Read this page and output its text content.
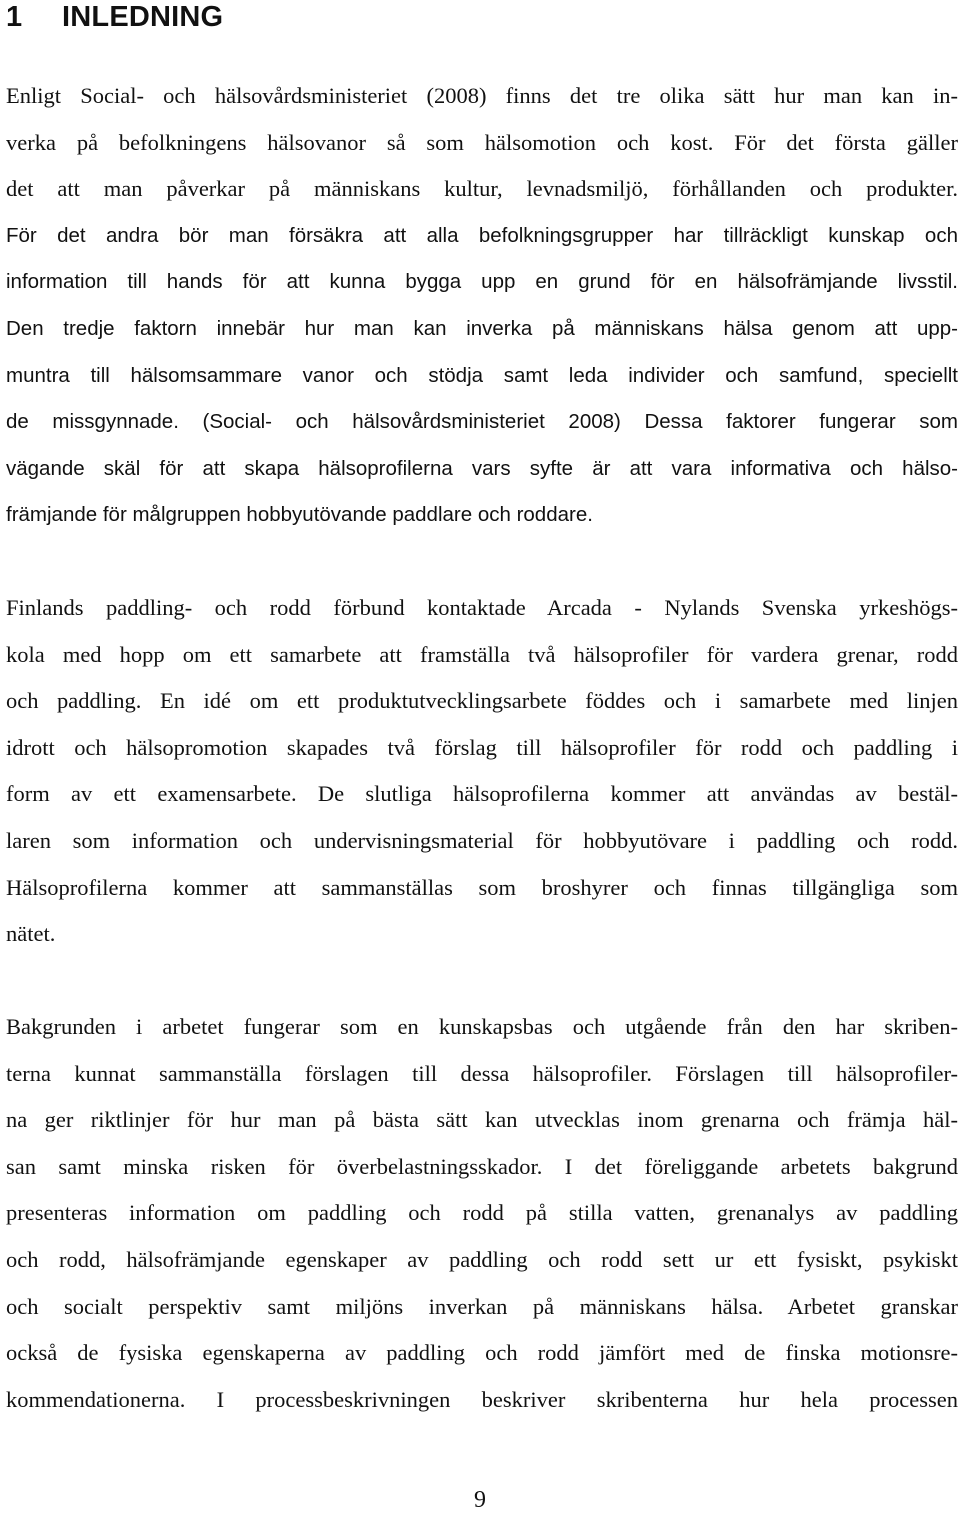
1 INLEDNING
Enligt Social- och hälsovårdsministeriet (2008) finns det tre olika sätt hur man kan in-
verka på befolkningens hälsovanor så som hälsomotion och kost. För det första gäller
det att man påverkar på människans kultur, levnadsmiljö, förhållanden och produkter.
För det andra bör man försäkra att alla befolkningsgrupper har tillräckligt kunskap och
information till hands för att kunna bygga upp en grund för en hälsofrämjande livsstil.
Den tredje faktorn innebär hur man kan inverka på människans hälsa genom att upp-
muntra till hälsomsammare vanor och stödja samt leda individer och samfund, speciellt
de missgynnade. (Social- och hälsovårdsministeriet 2008) Dessa faktorer fungerar som
vägande skäl för att skapa hälsoprofilerna vars syfte är att vara informativa och hälso-
främjande för målgruppen hobbyutövande paddlare och roddare.
Finlands paddling- och rodd förbund kontaktade Arcada - Nylands Svenska yrkeshögs-
kola med hopp om ett samarbete att framställa två hälsoprofiler för vardera grenar, rodd
och paddling. En idé om ett produktutvecklingsarbete föddes och i samarbete med linjen
idrott och hälsopromotion skapades två förslag till hälsoprofiler för rodd och paddling i
form av ett examensarbete. De slutliga hälsoprofilerna kommer att användas av bestäl-
laren som information och undervisningsmaterial för hobbyutövare i paddling och rodd.
Hälsoprofilerna kommer att sammanställas som broshyrer och finnas tillgängliga som
nätet.
Bakgrunden i arbetet fungerar som en kunskapsbas och utgående från den har skriben-
terna kunnat sammanställa förslagen till dessa hälsoprofiler. Förslagen till hälsoprofiler-
na ger riktlinjer för hur man på bästa sätt kan utvecklas inom grenarna och främja häl-
san samt minska risken för överbelastningsskador. I det föreliggande arbetets bakgrund
presenteras information om paddling och rodd på stilla vatten, grenanalys av paddling
och rodd, hälsofrämjande egenskaper av paddling och rodd sett ur ett fysiskt, psykiskt
och socialt perspektiv samt miljöns inverkan på människans hälsa. Arbetet granskar
också de fysiska egenskaperna av paddling och rodd jämfört med de finska motionsre-
kommendationerna. I processbeskrivningen beskriver skribenterna hur hela processen
9
